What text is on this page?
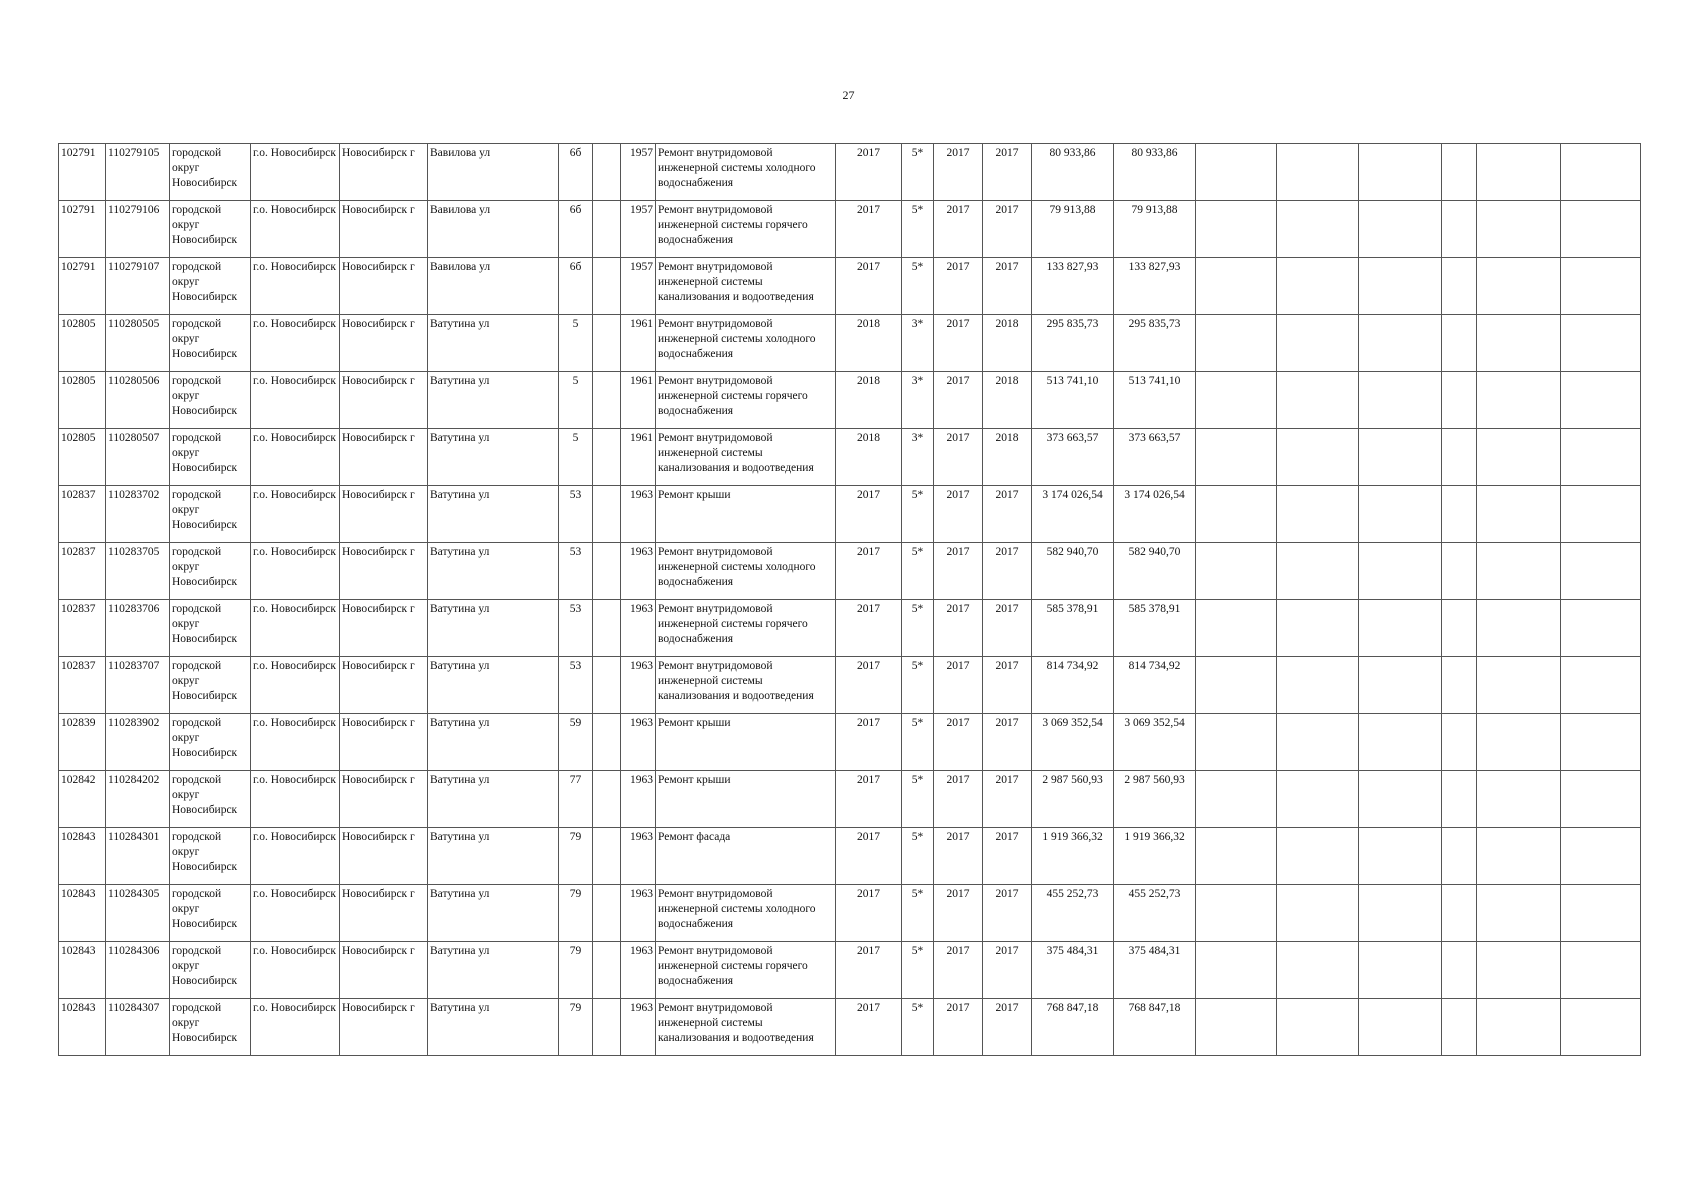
27
102791	110279105	городской округ Новосибирск	г.о. Новосибирск	Новосибирск г	Вавилова ул	6б		1957	Ремонт внутридомовой инженерной системы холодного водоснабжения	2017	5*	2017	2017	80 933,86	80 933,86						
102791	110279106	городской округ Новосибирск	г.о. Новосибирск	Новосибирск г	Вавилова ул	6б		1957	Ремонт внутридомовой инженерной системы горячего водоснабжения	2017	5*	2017	2017	79 913,88	79 913,88						
102791	110279107	городской округ Новосибирск	г.о. Новосибирск	Новосибирск г	Вавилова ул	6б		1957	Ремонт внутридомовой инженерной системы канализования и водоотведения	2017	5*	2017	2017	133 827,93	133 827,93						
102805	110280505	городской округ Новосибирск	г.о. Новосибирск	Новосибирск г	Ватутина ул	5		1961	Ремонт внутридомовой инженерной системы холодного водоснабжения	2018	3*	2017	2018	295 835,73	295 835,73						
102805	110280506	городской округ Новосибирск	г.о. Новосибирск	Новосибирск г	Ватутина ул	5		1961	Ремонт внутридомовой инженерной системы горячего водоснабжения	2018	3*	2017	2018	513 741,10	513 741,10						
102805	110280507	городской округ Новосибирск	г.о. Новосибирск	Новосибирск г	Ватутина ул	5		1961	Ремонт внутридомовой инженерной системы канализования и водоотведения	2018	3*	2017	2018	373 663,57	373 663,57						
102837	110283702	городской округ Новосибирск	г.о. Новосибирск	Новосибирск г	Ватутина ул	53		1963	Ремонт крыши	2017	5*	2017	2017	3 174 026,54	3 174 026,54						
102837	110283705	городской округ Новосибирск	г.о. Новосибирск	Новосибирск г	Ватутина ул	53		1963	Ремонт внутридомовой инженерной системы холодного водоснабжения	2017	5*	2017	2017	582 940,70	582 940,70						
102837	110283706	городской округ Новосибирск	г.о. Новосибирск	Новосибирск г	Ватутина ул	53		1963	Ремонт внутридомовой инженерной системы горячего водоснабжения	2017	5*	2017	2017	585 378,91	585 378,91						
102837	110283707	городской округ Новосибирск	г.о. Новосибирск	Новосибирск г	Ватутина ул	53		1963	Ремонт внутридомовой инженерной системы канализования и водоотведения	2017	5*	2017	2017	814 734,92	814 734,92						
102839	110283902	городской округ Новосибирск	г.о. Новосибирск	Новосибирск г	Ватутина ул	59		1963	Ремонт крыши	2017	5*	2017	2017	3 069 352,54	3 069 352,54						
102842	110284202	городской округ Новосибирск	г.о. Новосибирск	Новосибирск г	Ватутина ул	77		1963	Ремонт крыши	2017	5*	2017	2017	2 987 560,93	2 987 560,93						
102843	110284301	городской округ Новосибирск	г.о. Новосибирск	Новосибирск г	Ватутина ул	79		1963	Ремонт фасада	2017	5*	2017	2017	1 919 366,32	1 919 366,32						
102843	110284305	городской округ Новосибирск	г.о. Новосибирск	Новосибирск г	Ватутина ул	79		1963	Ремонт внутридомовой инженерной системы холодного водоснабжения	2017	5*	2017	2017	455 252,73	455 252,73						
102843	110284306	городской округ Новосибирск	г.о. Новосибирск	Новосибирск г	Ватутина ул	79		1963	Ремонт внутридомовой инженерной системы горячего водоснабжения	2017	5*	2017	2017	375 484,31	375 484,31						
102843	110284307	городской округ Новосибирск	г.о. Новосибирск	Новосибирск г	Ватутина ул	79		1963	Ремонт внутридомовой инженерной системы канализования и водоотведения	2017	5*	2017	2017	768 847,18	768 847,18						
